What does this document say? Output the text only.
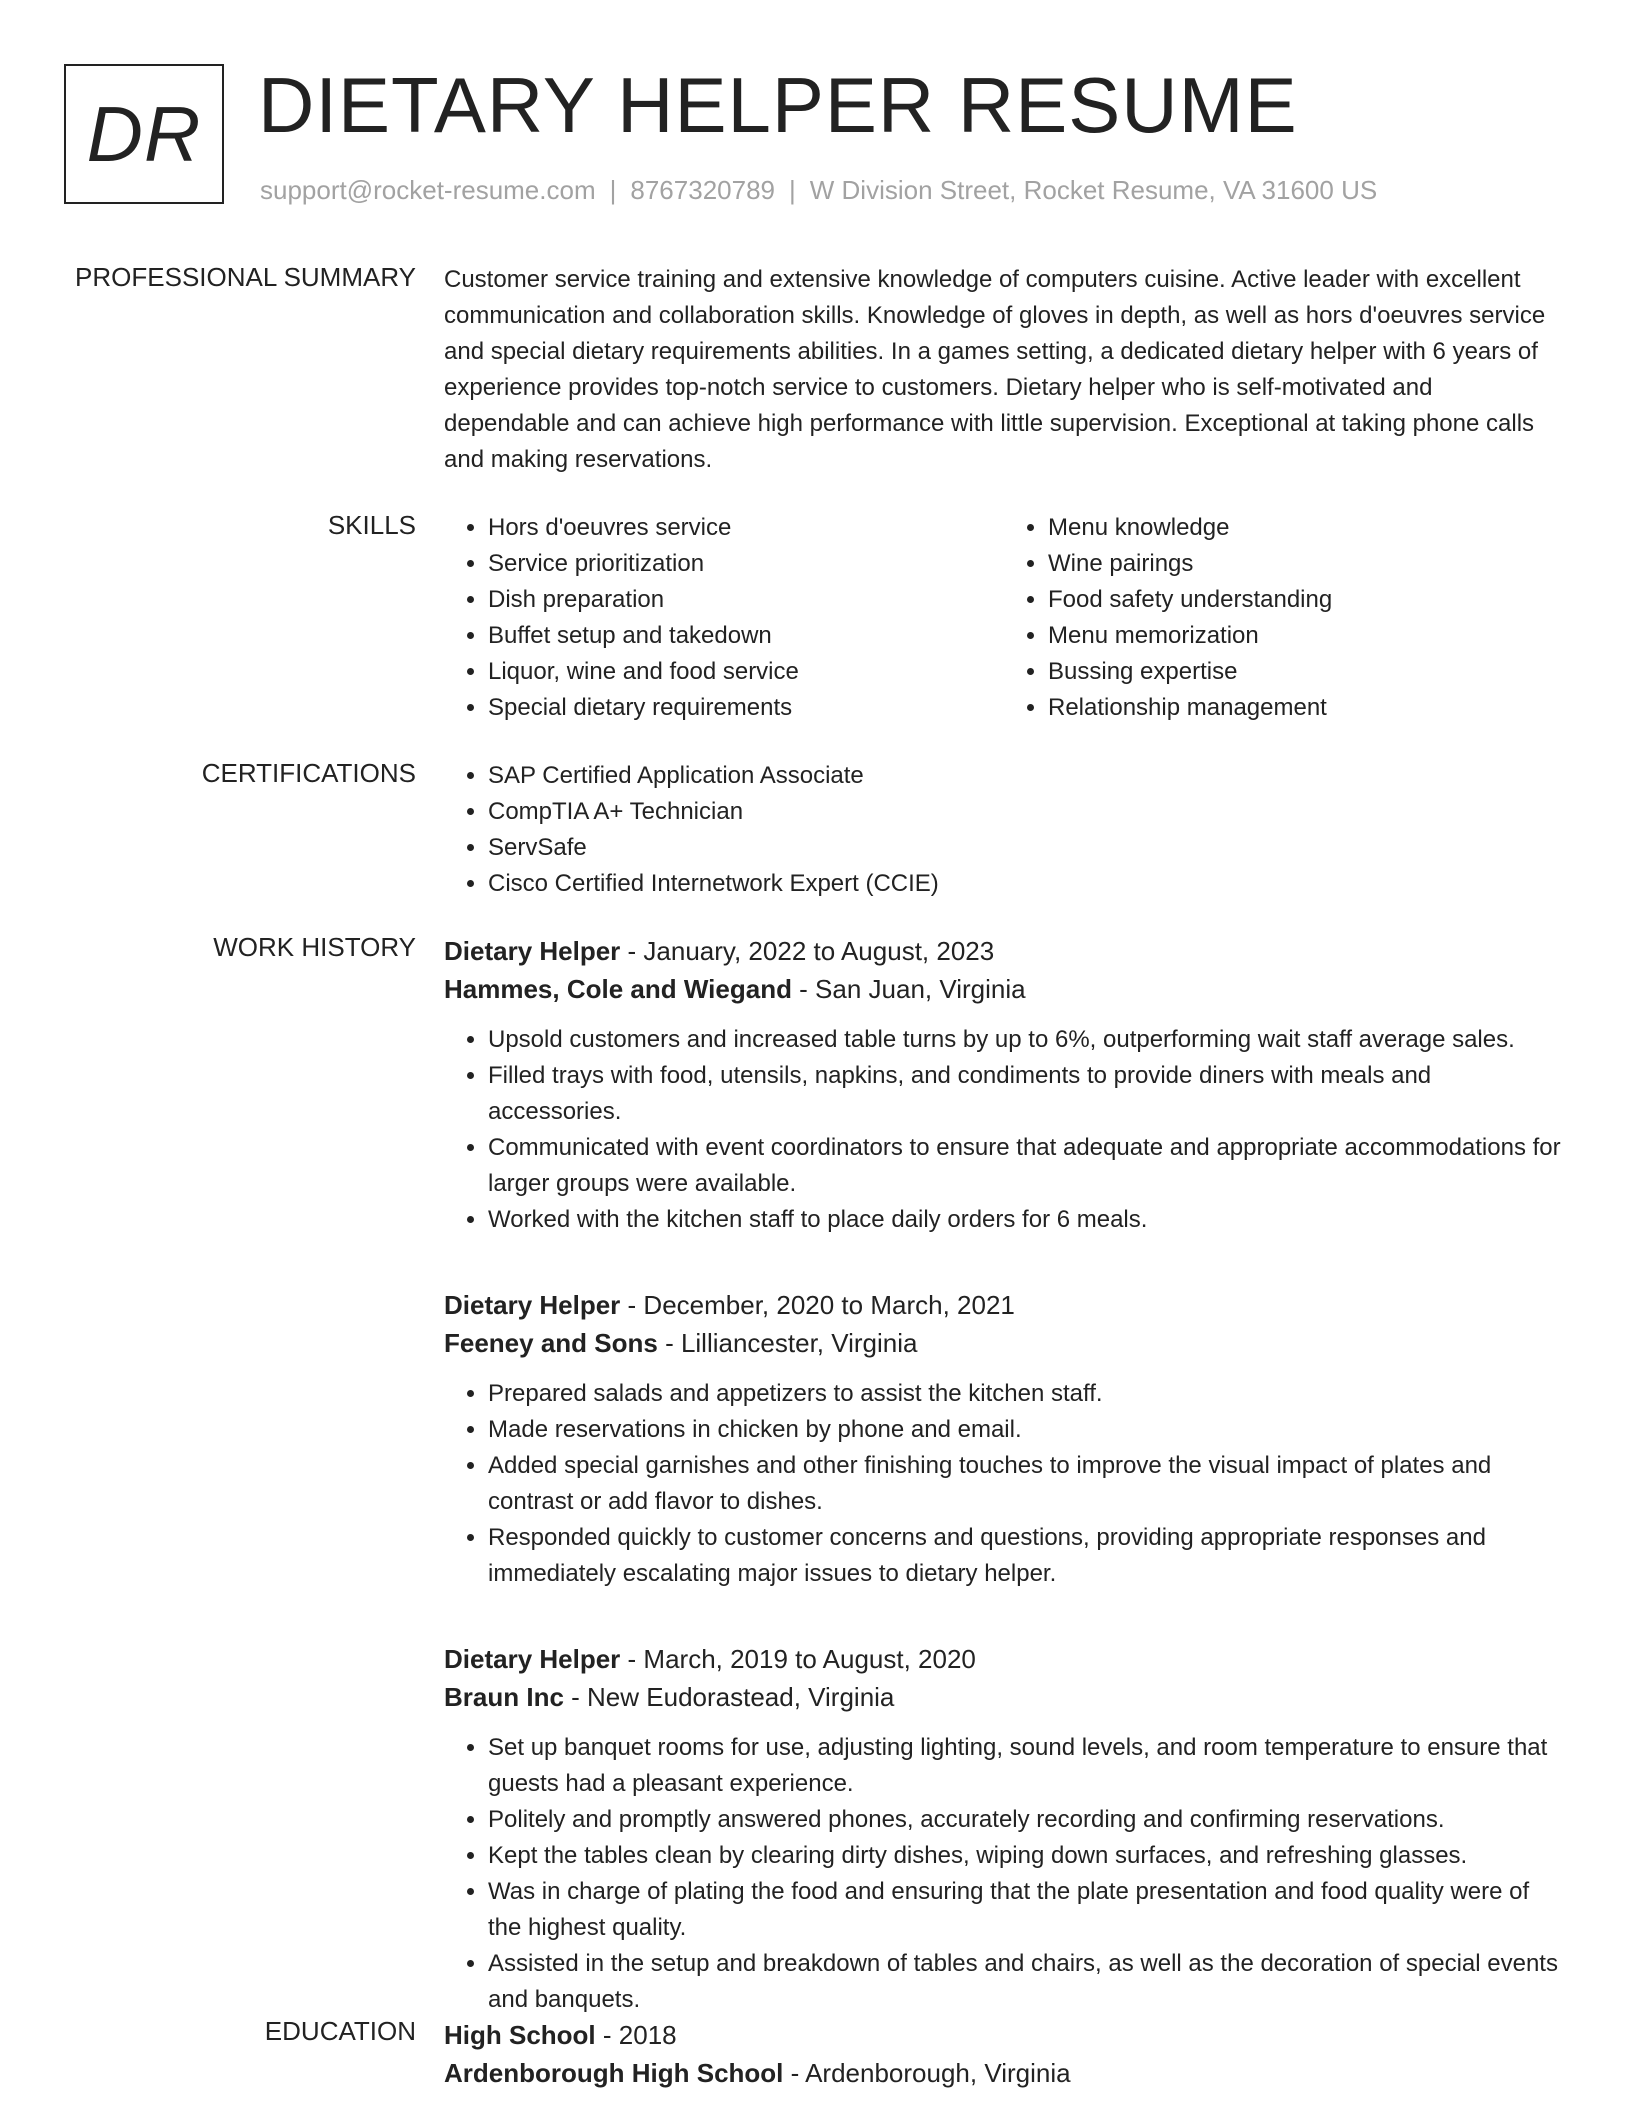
DR DIETARY HELPER RESUME
support@rocket-resume.com | 8767320789 | W Division Street, Rocket Resume, VA 31600 US
PROFESSIONAL SUMMARY Customer service training and extensive knowledge of computers cuisine. Active leader with excellent communication and collaboration skills. Knowledge of gloves in depth, as well as hors d'oeuvres service and special dietary requirements abilities. In a games setting, a dedicated dietary helper with 6 years of experience provides top-notch service to customers. Dietary helper who is self-motivated and dependable and can achieve high performance with little supervision. Exceptional at taking phone calls and making reservations.

SKILLS	• Hors d'oeuvres service
• Service prioritization
• Dish preparation
• Buffet setup and takedown
• Liquor, wine and food service
• Special dietary requirements
• Menu knowledge
• Wine pairings
• Food safety understanding
• Menu memorization
• Bussing expertise
• Relationship management
CERTIFICATIONS	• SAP Certified Application Associate
• CompTIA A+ Technician
• ServSafe
• Cisco Certified Internetwork Expert (CCIE)
WORK HISTORY Dietary Helper - January, 2022 to August, 2023
Hammes, Cole and Wiegand - San Juan, Virginia
• Upsold customers and increased table turns by up to 6%, outperforming wait staff average sales.
• Filled trays with food, utensils, napkins, and condiments to provide diners with meals and accessories.
• Communicated with event coordinators to ensure that adequate and appropriate accommodations for larger groups were available.
• Worked with the kitchen staff to place daily orders for 6 meals.
Dietary Helper - December, 2020 to March, 2021
Feeney and Sons - Lilliancester, Virginia
• Prepared salads and appetizers to assist the kitchen staff.
• Made reservations in chicken by phone and email.
• Added special garnishes and other finishing touches to improve the visual impact of plates and contrast or add flavor to dishes.
• Responded quickly to customer concerns and questions, providing appropriate responses and immediately escalating major issues to dietary helper.
Dietary Helper - March, 2019 to August, 2020
Braun Inc - New Eudorastead, Virginia
• Set up banquet rooms for use, adjusting lighting, sound levels, and room temperature to ensure that guests had a pleasant experience.
• Politely and promptly answered phones, accurately recording and confirming reservations.
• Kept the tables clean by clearing dirty dishes, wiping down surfaces, and refreshing glasses.
• Was in charge of plating the food and ensuring that the plate presentation and food quality were of the highest quality.
• Assisted in the setup and breakdown of tables and chairs, as well as the decoration of special events and banquets.
EDUCATION High School - 2018
Ardenborough High School - Ardenborough, Virginia
